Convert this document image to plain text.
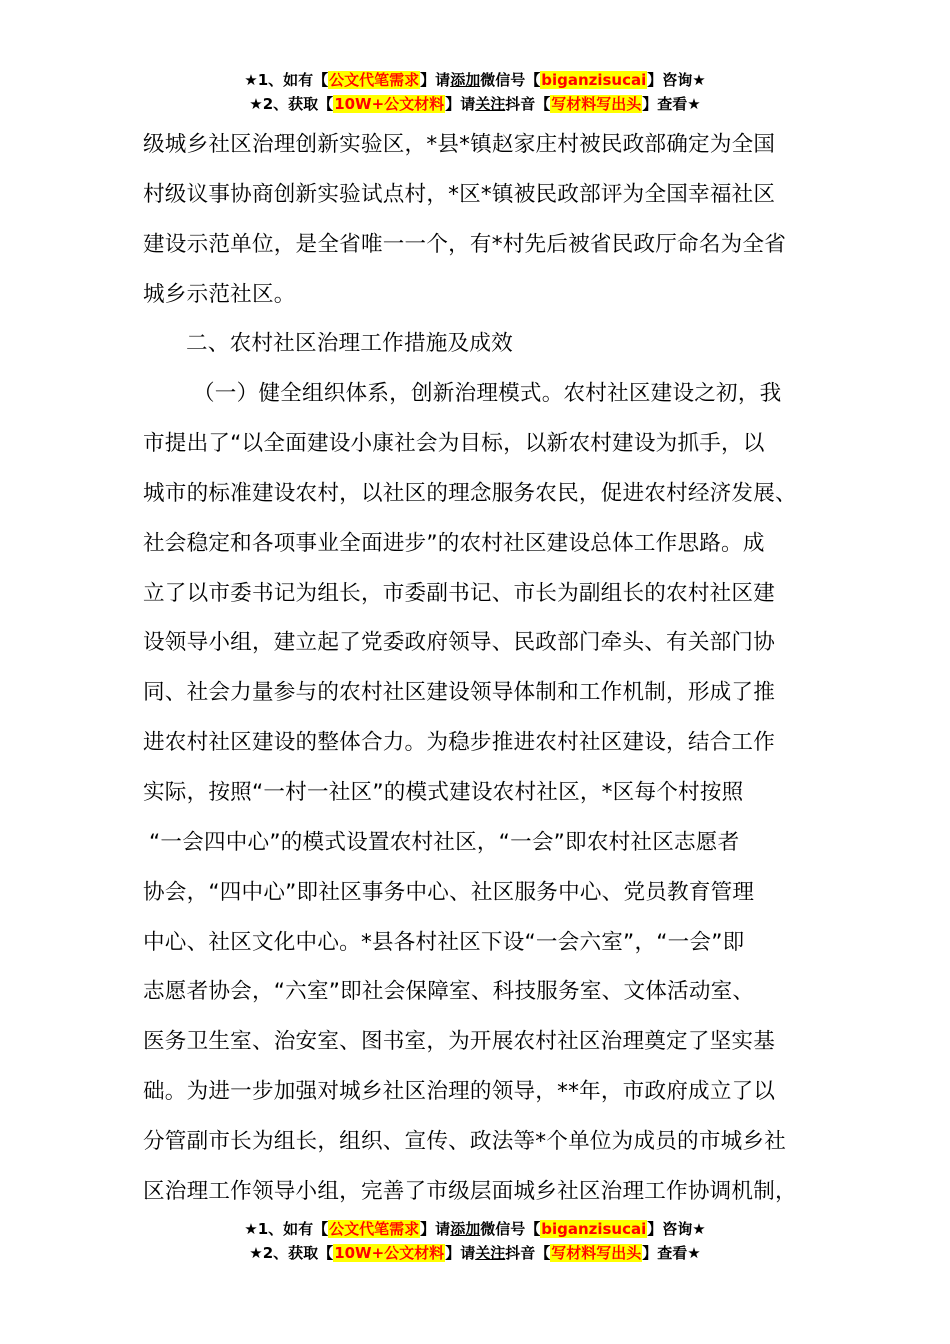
★1、如有【公文代笔需求】请添加微信号【biganzisucai】咨询★
★2、获取【10W+公文材料】请关注抖音【写材料写出头】查看★
级城乡社区治理创新实验区，*县*镇赵家庄村被民政部确定为全国
村级议事协商创新实验试点村，*区*镇被民政部评为全国幸福社区
建设示范单位，是全省唯一一个，有*村先后被省民政厅命名为全省
城乡示范社区。
二、农村社区治理工作措施及成效
（一）健全组织体系，创新治理模式。农村社区建设之初，我
市提出了“以全面建设小康社会为目标，以新农村建设为抓手，以
城市的标准建设农村，以社区的理念服务农民，促进农村经济发展、
社会稳定和各项事业全面进步”的农村社区建设总体工作思路。成
立了以市委书记为组长，市委副书记、市长为副组长的农村社区建
设领导小组，建立起了党委政府领导、民政部门牵头、有关部门协
同、社会力量参与的农村社区建设领导体制和工作机制，形成了推
进农村社区建设的整体合力。为稳步推进农村社区建设，结合工作
实际，按照“一村一社区”的模式建设农村社区，*区每个村按照
“一会四中心”的模式设置农村社区，“一会”即农村社区志愿者
协会，“四中心”即社区事务中心、社区服务中心、党员教育管理
中心、社区文化中心。*县各村社区下设“一会六室”，“一会”即
志愿者协会，“六室”即社会保障室、科技服务室、文体活动室、
医务卫生室、治安室、图书室，为开展农村社区治理奠定了坚实基
础。为进一步加强对城乡社区治理的领导，**年，市政府成立了以
分管副市长为组长，组织、宣传、政法等*个单位为成员的市城乡社
区治理工作领导小组，完善了市级层面城乡社区治理工作协调机制，
★1、如有【公文代笔需求】请添加微信号【biganzisucai】咨询★
★2、获取【10W+公文材料】请关注抖音【写材料写出头】查看★
